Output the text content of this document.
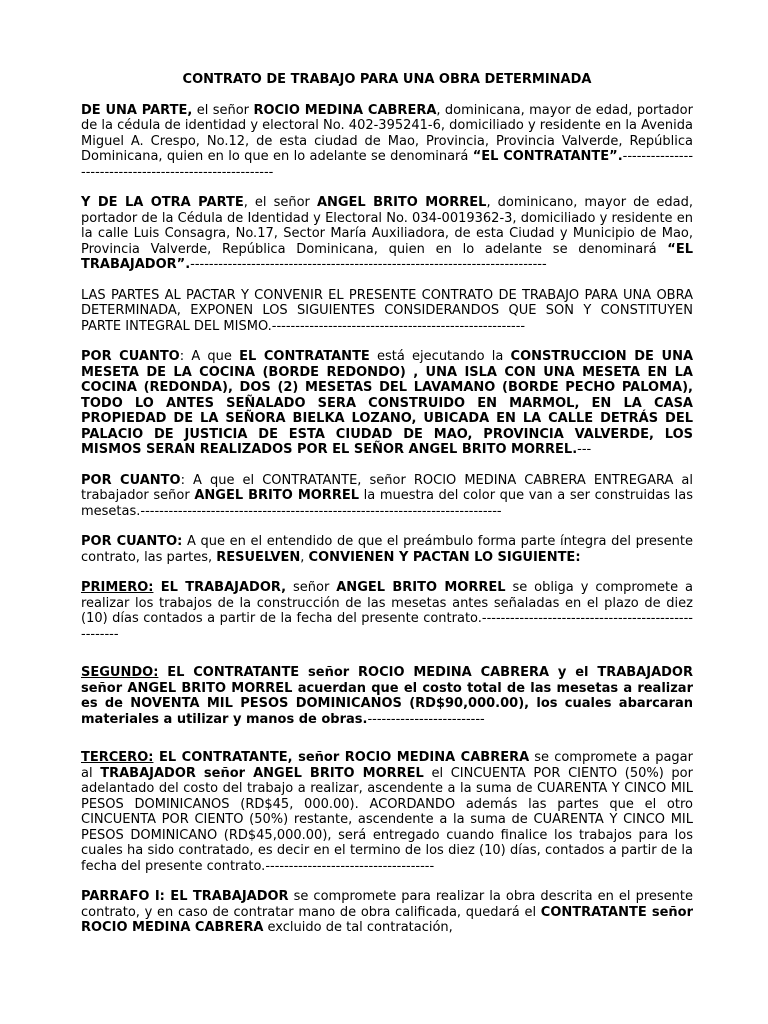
CONTRATO DE TRABAJO PARA UNA OBRA DETERMINADA

DE UNA PARTE, el señor ROCIO MEDINA CABRERA, dominicana, mayor de edad, portador de la cédula de identidad y electoral No. 402-395241-6, domiciliado y residente en la Avenida Miguel A. Crespo, No.12, de esta ciudad de Mao, Provincia, Provincia Valverde, República Dominicana, quien en lo que en lo adelante se denominará “EL CONTRATANTE”.--------------------------------------------------------

Y DE LA OTRA PARTE, el señor ANGEL BRITO MORREL, dominicano, mayor de edad, portador de la Cédula de Identidad y Electoral No. 034-0019362-3, domiciliado y residente en la calle Luis Consagra, No.17, Sector María Auxiliadora, de esta Ciudad y Municipio de Mao, Provincia Valverde, República Dominicana, quien en lo adelante se denominará “EL TRABAJADOR”.----------------------------------------------------------------------------

LAS PARTES AL PACTAR Y CONVENIR EL PRESENTE CONTRATO DE TRABAJO PARA UNA OBRA DETERMINADA, EXPONEN LOS SIGUIENTES CONSIDERANDOS QUE SON Y CONSTITUYEN PARTE INTEGRAL DEL MISMO.------------------------------------------------------

POR CUANTO: A que EL CONTRATANTE está ejecutando la CONSTRUCCION DE UNA MESETA DE LA COCINA (BORDE REDONDO) , UNA ISLA CON UNA MESETA EN LA COCINA (REDONDA), DOS (2) MESETAS DEL LAVAMANO (BORDE PECHO PALOMA), TODO LO ANTES SEÑALADO SERA CONSTRUIDO EN MARMOL, EN LA CASA PROPIEDAD DE LA SEÑORA BIELKA LOZANO, UBICADA EN LA CALLE DETRÁS DEL PALACIO DE JUSTICIA DE ESTA CIUDAD DE MAO, PROVINCIA VALVERDE, LOS MISMOS SERAN REALIZADOS POR EL SEÑOR ANGEL BRITO MORREL.---

POR CUANTO: A que el CONTRATANTE, señor ROCIO MEDINA CABRERA ENTREGARA al trabajador señor ANGEL BRITO MORREL la muestra del color que van a ser construidas las mesetas.-----------------------------------------------------------------------------

POR CUANTO: A que en el entendido de que el preámbulo forma parte íntegra del presente contrato, las partes, RESUELVEN, CONVIENEN Y PACTAN LO SIGUIENTE:

PRIMERO: EL TRABAJADOR, señor ANGEL BRITO MORREL se obliga y compromete a realizar los trabajos de la construcción de las mesetas antes señaladas en el plazo de diez (10) días contados a partir de la fecha del presente contrato.-----------------------------------------------------

SEGUNDO: EL CONTRATANTE señor ROCIO MEDINA CABRERA y el TRABAJADOR señor ANGEL BRITO MORREL acuerdan que el costo total de las mesetas a realizar es de NOVENTA MIL PESOS DOMINICANOS (RD$90,000.00), los cuales abarcaran materiales a utilizar y manos de obras.-------------------------

TERCERO: EL CONTRATANTE, señor ROCIO MEDINA CABRERA se compromete a pagar al TRABAJADOR señor ANGEL BRITO MORREL el CINCUENTA POR CIENTO (50%) por adelantado del costo del trabajo a realizar, ascendente a la suma de CUARENTA Y CINCO MIL PESOS DOMINICANOS (RD$45, 000.00). ACORDANDO además las partes que el otro CINCUENTA POR CIENTO (50%) restante, ascendente a la suma de CUARENTA Y CINCO MIL PESOS DOMINICANO (RD$45,000.00), será entregado cuando finalice los trabajos para los cuales ha sido contratado, es decir en el termino de los diez (10) días, contados a partir de la fecha del presente contrato.------------------------------------

PARRAFO I: EL TRABAJADOR se compromete para realizar la obra descrita en el presente contrato, y en caso de contratar mano de obra calificada, quedará el CONTRATANTE señor ROCIO MEDINA CABRERA excluido de tal contratación,
